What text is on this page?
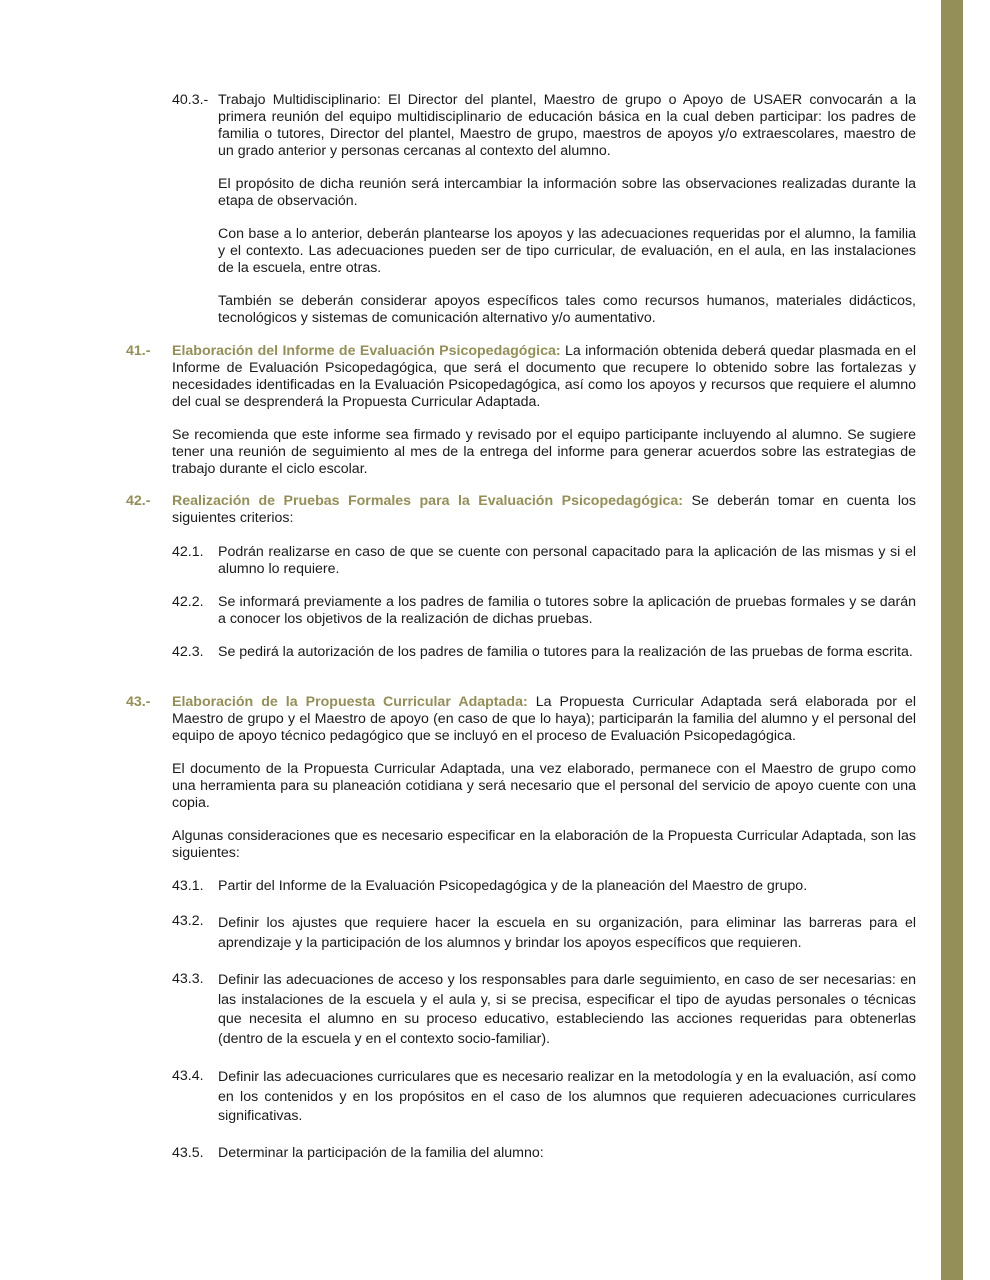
40.3.- Trabajo Multidisciplinario: El Director del plantel, Maestro de grupo o Apoyo de USAER convocarán a la primera reunión del equipo multidisciplinario de educación básica en la cual deben participar: los padres de familia o tutores, Director del plantel, Maestro de grupo, maestros de apoyos y/o extraescolares, maestro de un grado anterior y personas cercanas al contexto del alumno.

El propósito de dicha reunión será intercambiar la información sobre las observaciones realizadas durante la etapa de observación.

Con base a lo anterior, deberán plantearse los apoyos y las adecuaciones requeridas por el alumno, la familia y el contexto. Las adecuaciones pueden ser de tipo curricular, de evaluación, en el aula, en las instalaciones de la escuela, entre otras.

También se deberán considerar apoyos específicos tales como recursos humanos, materiales didácticos, tecnológicos y sistemas de comunicación alternativo y/o aumentativo.

41.- Elaboración del Informe de Evaluación Psicopedagógica: La información obtenida deberá quedar plasmada en el Informe de Evaluación Psicopedagógica, que será el documento que recupere lo obtenido sobre las fortalezas y necesidades identificadas en la Evaluación Psicopedagógica, así como los apoyos y recursos que requiere el alumno del cual se desprenderá la Propuesta Curricular Adaptada.

Se recomienda que este informe sea firmado y revisado por el equipo participante incluyendo al alumno. Se sugiere tener una reunión de seguimiento al mes de la entrega del informe para generar acuerdos sobre las estrategias de trabajo durante el ciclo escolar.

42.- Realización de Pruebas Formales para la Evaluación Psicopedagógica: Se deberán tomar en cuenta los siguientes criterios:

42.1. Podrán realizarse en caso de que se cuente con personal capacitado para la aplicación de las mismas y si el alumno lo requiere.

42.2. Se informará previamente a los padres de familia o tutores sobre la aplicación de pruebas formales y se darán a conocer los objetivos de la realización de dichas pruebas.

42.3. Se pedirá la autorización de los padres de familia o tutores para la realización de las pruebas de forma escrita.

43.- Elaboración de la Propuesta Curricular Adaptada: La Propuesta Curricular Adaptada será elaborada por el Maestro de grupo y el Maestro de apoyo (en caso de que lo haya); participarán la familia del alumno y el personal del equipo de apoyo técnico pedagógico que se incluyó en el proceso de Evaluación Psicopedagógica.

El documento de la Propuesta Curricular Adaptada, una vez elaborado, permanece con el Maestro de grupo como una herramienta para su planeación cotidiana y será necesario que el personal del servicio de apoyo cuente con una copia.

Algunas consideraciones que es necesario especificar en la elaboración de la Propuesta Curricular Adaptada, son las siguientes:

43.1. Partir del Informe de la Evaluación Psicopedagógica y de la planeación del Maestro de grupo.

43.2. Definir los ajustes que requiere hacer la escuela en su organización, para eliminar las barreras para el aprendizaje y la participación de los alumnos y brindar los apoyos específicos que requieren.

43.3. Definir las adecuaciones de acceso y los responsables para darle seguimiento, en caso de ser necesarias: en las instalaciones de la escuela y el aula y, si se precisa, especificar el tipo de ayudas personales o técnicas que necesita el alumno en su proceso educativo, estableciendo las acciones requeridas para obtenerlas (dentro de la escuela y en el contexto socio-familiar).

43.4. Definir las adecuaciones curriculares que es necesario realizar en la metodología y en la evaluación, así como en los contenidos y en los propósitos en el caso de los alumnos que requieren adecuaciones curriculares significativas.

43.5. Determinar la participación de la familia del alumno:
